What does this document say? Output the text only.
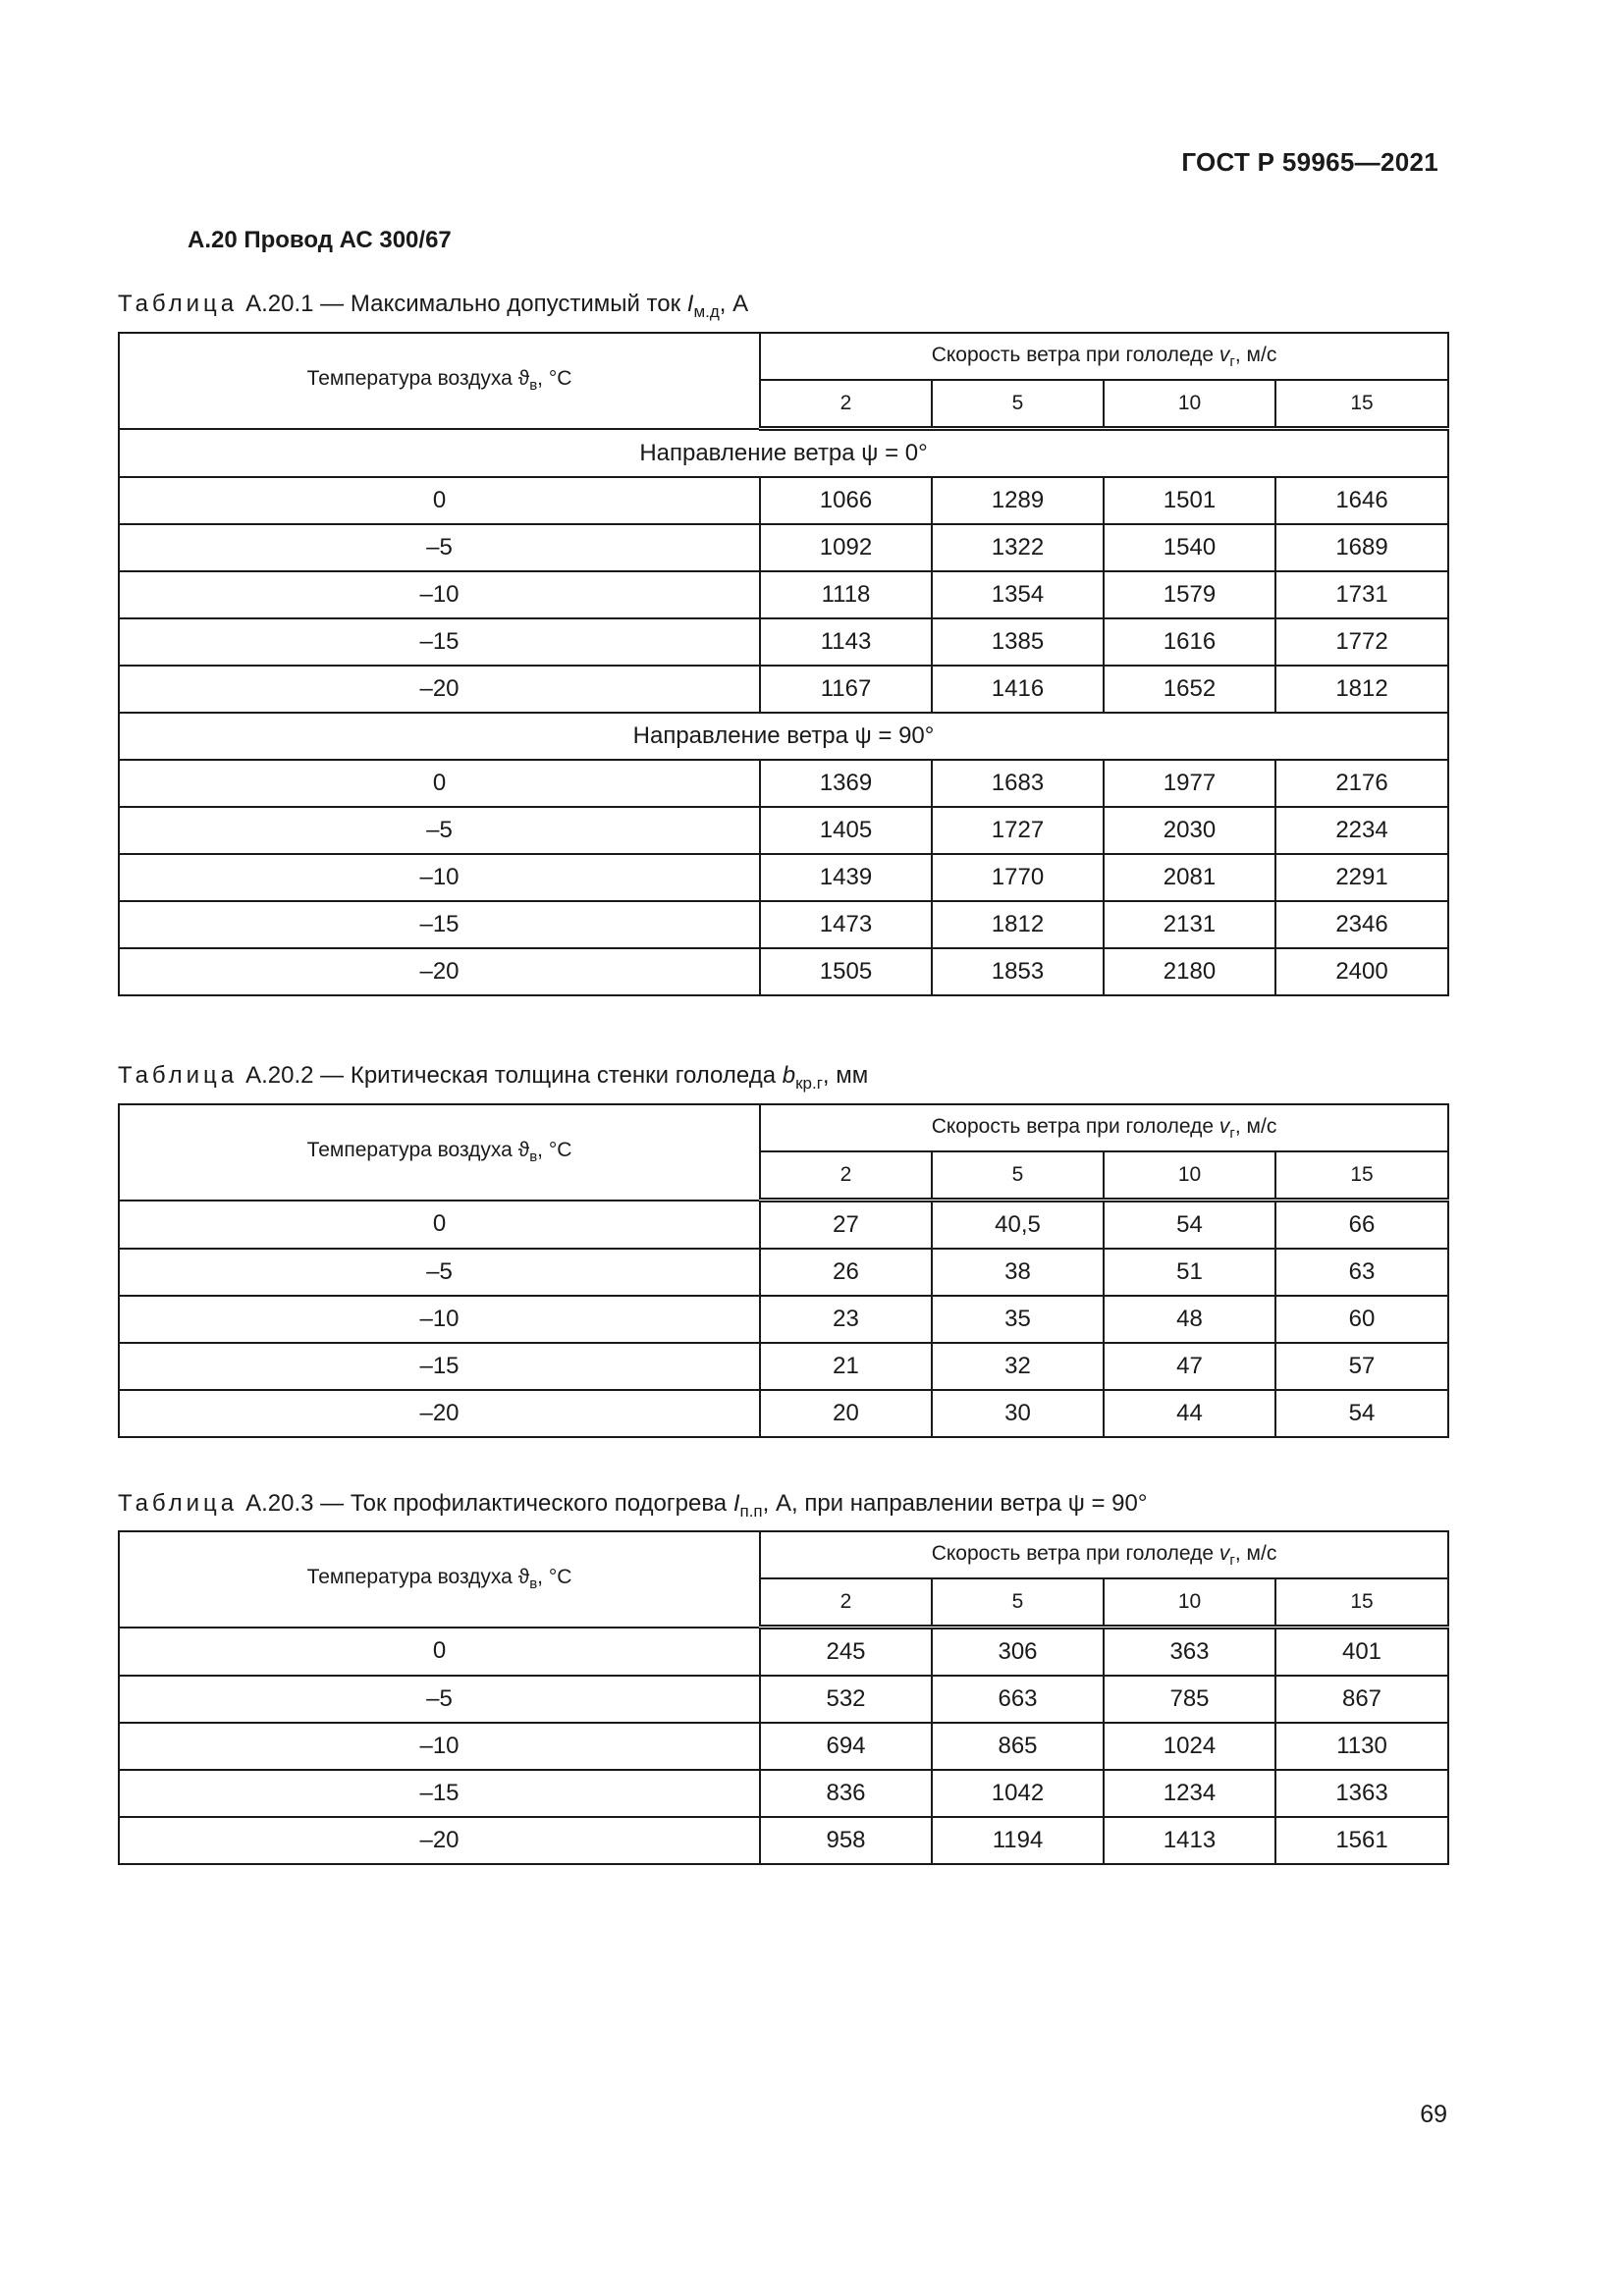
ГОСТ Р 59965—2021
А.20 Провод АС 300/67
Таблица А.20.1 — Максимально допустимый ток $I_{м.д}$, А
Температура воздуха $ϑ_в$, °С	Скорость ветра при гололеде $v_г$, м/с			
	2	5	10	15
Направление ветра ψ = 0°				
0	1066	1289	1501	1646
–5	1092	1322	1540	1689
–10	1118	1354	1579	1731
–15	1143	1385	1616	1772
–20	1167	1416	1652	1812
Направление ветра ψ = 90°				
0	1369	1683	1977	2176
–5	1405	1727	2030	2234
–10	1439	1770	2081	2291
–15	1473	1812	2131	2346
–20	1505	1853	2180	2400
Таблица А.20.2 — Критическая толщина стенки гололеда $b_{кр.г}$, мм
Температура воздуха $ϑ_в$, °С	Скорость ветра при гололеде $v_г$, м/с			
	2	5	10	15
0	27	40,5	54	66
–5	26	38	51	63
–10	23	35	48	60
–15	21	32	47	57
–20	20	30	44	54
Таблица А.20.3 — Ток профилактического подогрева $I_{п.п}$, А, при направлении ветра ψ = 90°
Температура воздуха $ϑ_в$, °С	Скорость ветра при гололеде $v_г$, м/с			
	2	5	10	15
0	245	306	363	401
–5	532	663	785	867
–10	694	865	1024	1130
–15	836	1042	1234	1363
–20	958	1194	1413	1561
69
